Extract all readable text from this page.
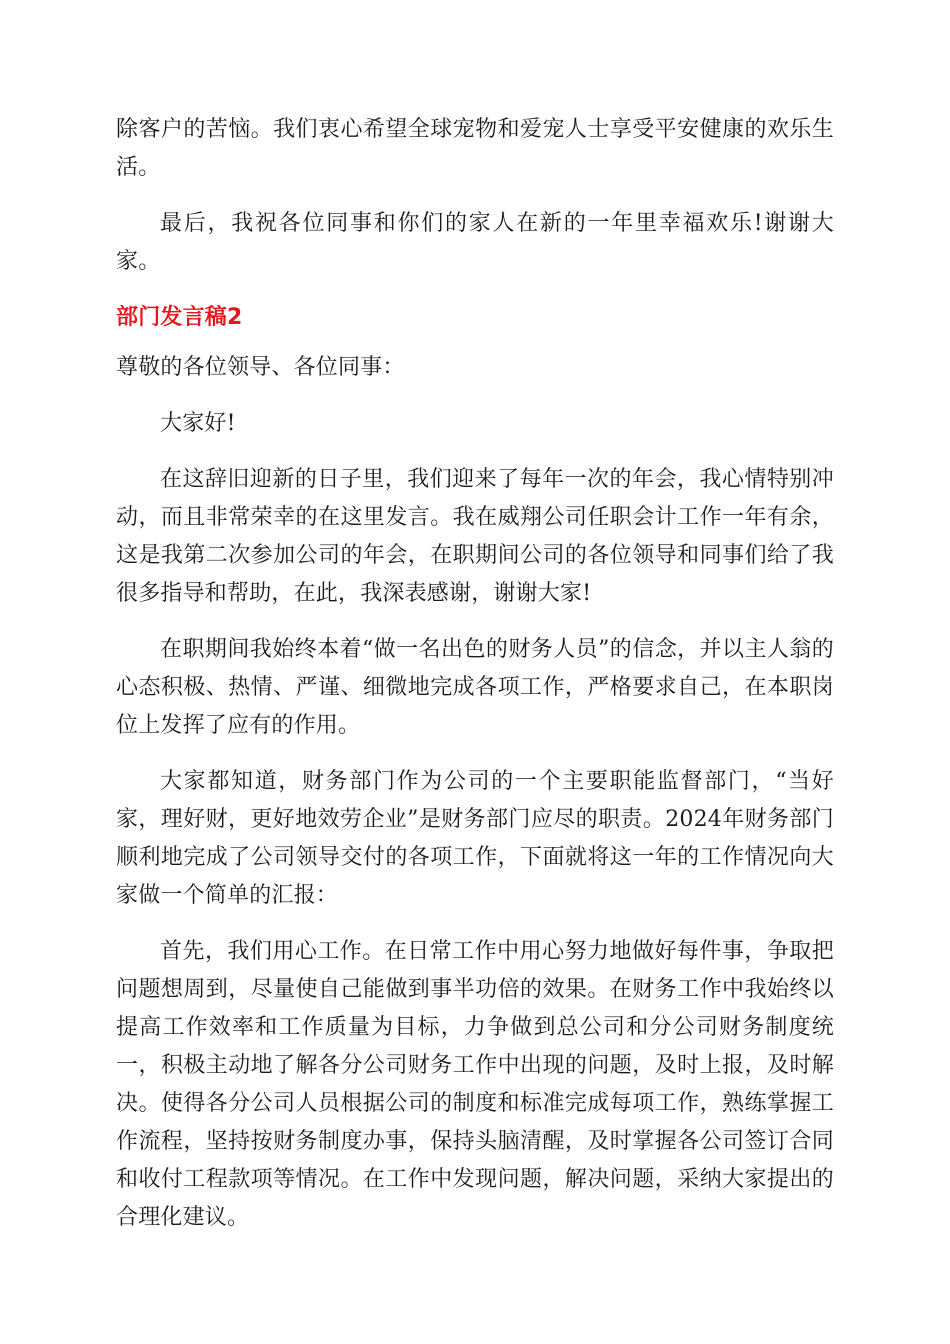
除客户的苦恼。我们衷心希望全球宠物和爱宠人士享受平安健康的欢乐生活。

最后，我祝各位同事和你们的家人在新的一年里幸福欢乐!谢谢大家。

部门发言稿2

尊敬的各位领导、各位同事：

大家好!

在这辞旧迎新的日子里，我们迎来了每年一次的年会，我心情特别冲动，而且非常荣幸的在这里发言。我在威翔公司任职会计工作一年有余，这是我第二次参加公司的年会，在职期间公司的各位领导和同事们给了我很多指导和帮助，在此，我深表感谢，谢谢大家!

在职期间我始终本着“做一名出色的财务人员”的信念，并以主人翁的心态积极、热情、严谨、细微地完成各项工作，严格要求自己，在本职岗位上发挥了应有的作用。

大家都知道，财务部门作为公司的一个主要职能监督部门，“当好家，理好财，更好地效劳企业”是财务部门应尽的职责。2024年财务部门顺利地完成了公司领导交付的各项工作，下面就将这一年的工作情况向大家做一个简单的汇报：

首先，我们用心工作。在日常工作中用心努力地做好每件事，争取把问题想周到，尽量使自己能做到事半功倍的效果。在财务工作中我始终以提高工作效率和工作质量为目标，力争做到总公司和分公司财务制度统一，积极主动地了解各分公司财务工作中出现的问题，及时上报，及时解决。使得各分公司人员根据公司的制度和标准完成每项工作，熟练掌握工作流程，坚持按财务制度办事，保持头脑清醒，及时掌握各公司签订合同和收付工程款项等情况。在工作中发现问题，解决问题，采纳大家提出的合理化建议。
